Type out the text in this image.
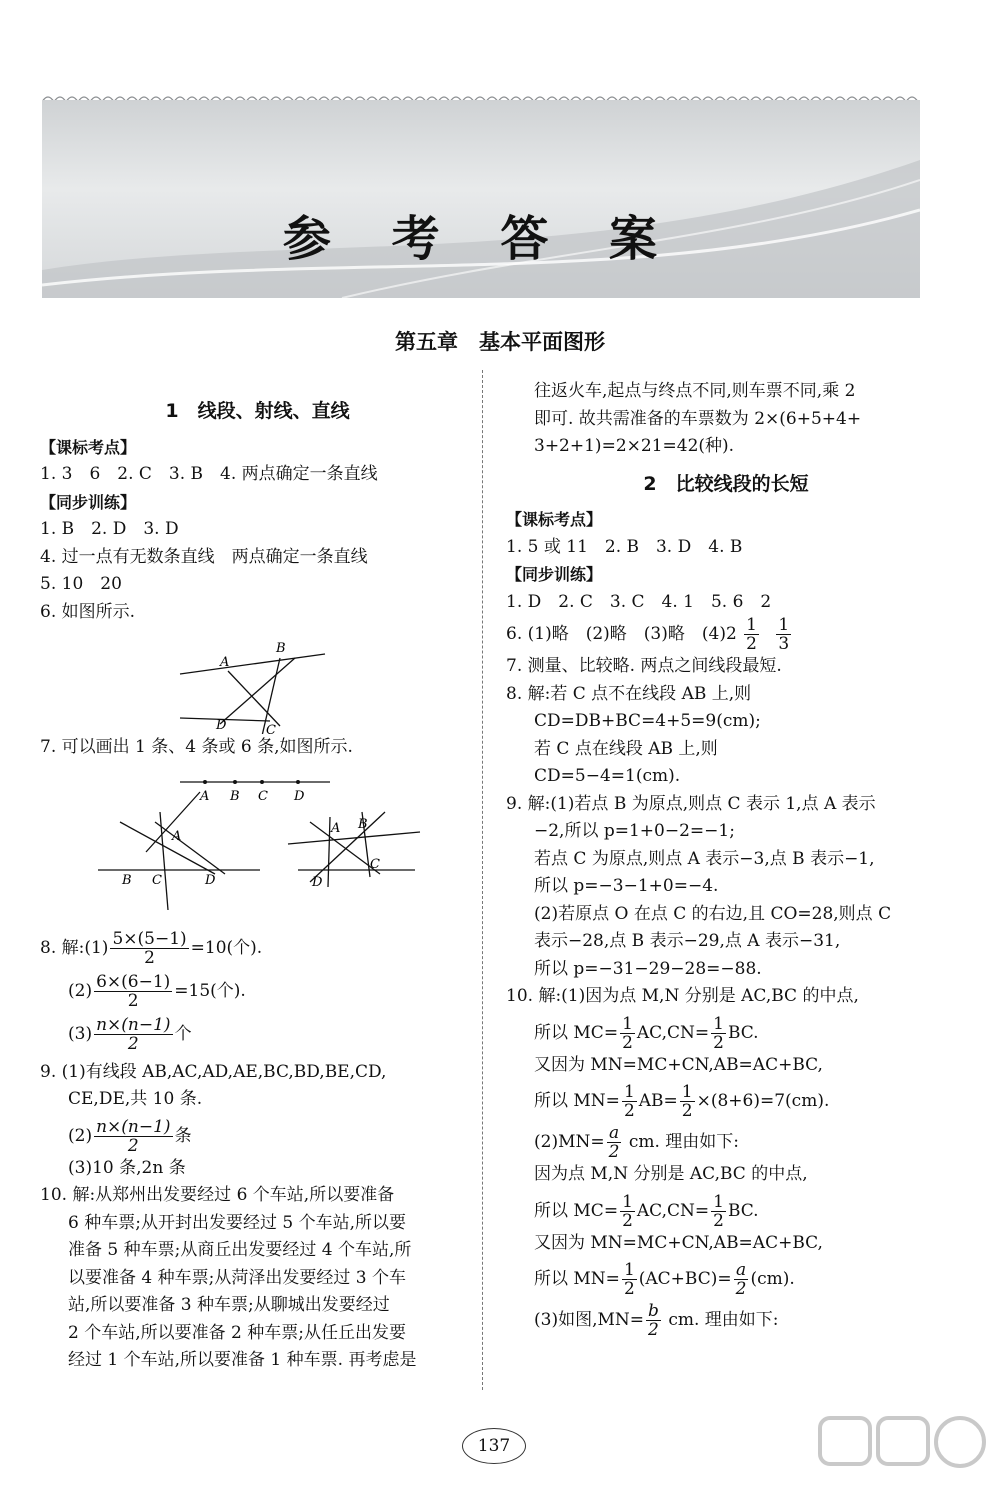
参 考 答 案
第五章　基本平面图形
1　线段、射线、直线
【课标考点】
1. 3　6　2. C　3. B　4. 两点确定一条直线
【同步训练】
1. B　2. D　3. D
4. 过一点有无数条直线　两点确定一条直线
5. 10　20
6. 如图所示.
A
B
D	C
7. 可以画出 1 条、4 条或 6 条,如图所示.
A B C D
A
B C	D
A B
C
D
8. 解:(1) $\frac{5\times(5-1)}{2} =10$(个).
$(2) \frac{6\times(6-1)}{2} =15$(个).
$(3) \frac{n\times(n-1)}{2}$ 个
9. (1)有线段 AB,AC,AD,AE,BC,BD,BE,CD,
CE,DE,共 10 条.
$(2) \frac{n\times(n-1)}{2}$ 条
(3)10 条,2n 条
10. 解:从郑州出发要经过 6 个车站,所以要准备
6 种车票;从开封出发要经过 5 个车站,所以要
准备 5 种车票;从商丘出发要经过 4 个车站,所
以要准备 4 种车票;从菏泽出发要经过 3 个车
站,所以要准备 3 种车票;从聊城出发要经过
2 个车站,所以要准备 2 种车票;从任丘出发要
经过 1 个车站,所以要准备 1 种车票. 再考虑是
往返火车,起点与终点不同,则车票不同,乘 2
即可. 故共需准备的车票数为 2×(6+5+4+
3+2+1)=2×21=42(种).
2　比较线段的长短
【课标考点】
1. 5 或 11　2. B　3. D　4. B
【同步训练】
1. D　2. C　3. C　4. 1　5. 6　2
6. (1)略　(2)略　(3)略　$(4)2 \frac{1}{2}$
$\frac{1}{3}$
7. 测量、比较略. 两点之间线段最短.
8. 解:若 C 点不在线段 AB 上,则
CD=DB+BC=4+5=9(cm);
若 C 点在线段 AB 上,则
CD=5−4=1(cm).
9. 解:(1)若点 B 为原点,则点 C 表示 1,点 A 表示
−2,所以 p=1+0−2=−1;
若点 C 为原点,则点 A 表示−3,点 B 表示−1,
所以 p=−3−1+0=−4.
(2)若原点 O 在点 C 的右边,且 CO=28,则点 C
表示−28,点 B 表示−29,点 A 表示−31,
所以 p=−31−29−28=−88.
10. 解:(1)因为点 M,N 分别是 AC,BC 的中点,
所以 $MC= \frac{1}{2} AC,CN= \frac{1}{2}$ BC.
又因为 MN=MC+CN,AB=AC+BC,
所以 $MN= \frac{1}{2} AB= \frac{1}{2} \times(8+6)=7(cm)$.
$(2)MN= \frac{a}{2}$ cm. 理由如下:
因为点 M,N 分别是 AC,BC 的中点,
所以 $MC= \frac{1}{2} AC,CN= \frac{1}{2}$ BC.
又因为 MN=MC+CN,AB=AC+BC,
所以 $MN= \frac{1}{2} (AC+BC)= \frac{a}{2} (cm)$.
(3)如图$,MN= \frac{b}{2}$ cm. 理由如下:
137
